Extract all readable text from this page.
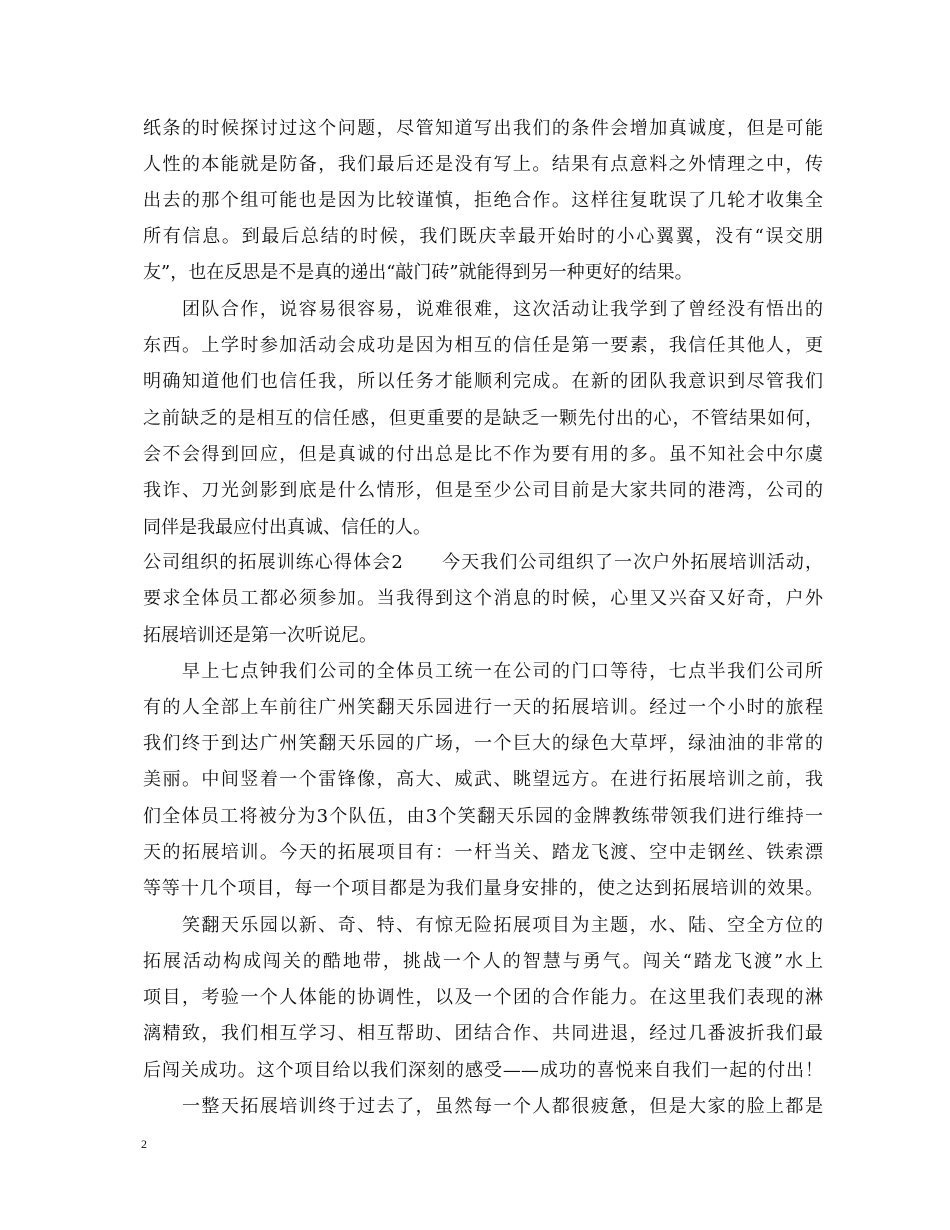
纸条的时候探讨过这个问题，尽管知道写出我们的条件会增加真诚度，但是可能
人性的本能就是防备，我们最后还是没有写上。结果有点意料之外情理之中，传
出去的那个组可能也是因为比较谨慎，拒绝合作。这样往复耽误了几轮才收集全
所有信息。到最后总结的时候，我们既庆幸最开始时的小心翼翼，没有“误交朋
友”，也在反思是不是真的递出“敲门砖”就能得到另一种更好的结果。
　　团队合作，说容易很容易，说难很难，这次活动让我学到了曾经没有悟出的
东西。上学时参加活动会成功是因为相互的信任是第一要素，我信任其他人，更
明确知道他们也信任我，所以任务才能顺利完成。在新的团队我意识到尽管我们
之前缺乏的是相互的信任感，但更重要的是缺乏一颗先付出的心，不管结果如何，
会不会得到回应，但是真诚的付出总是比不作为要有用的多。虽不知社会中尔虞
我诈、刀光剑影到底是什么情形，但是至少公司目前是大家共同的港湾，公司的
同伴是我最应付出真诚、信任的人。
公司组织的拓展训练心得体会2　　今天我们公司组织了一次户外拓展培训活动，
要求全体员工都必须参加。当我得到这个消息的时候，心里又兴奋又好奇，户外
拓展培训还是第一次听说尼。
　　早上七点钟我们公司的全体员工统一在公司的门口等待，七点半我们公司所
有的人全部上车前往广州笑翻天乐园进行一天的拓展培训。经过一个小时的旅程
我们终于到达广州笑翻天乐园的广场，一个巨大的绿色大草坪，绿油油的非常的
美丽。中间竖着一个雷锋像，高大、威武、眺望远方。在进行拓展培训之前，我
们全体员工将被分为3个队伍，由3个笑翻天乐园的金牌教练带领我们进行维持一
天的拓展培训。今天的拓展项目有：一杆当关、踏龙飞渡、空中走钢丝、铁索漂
等等十几个项目，每一个项目都是为我们量身安排的，使之达到拓展培训的效果。
　　笑翻天乐园以新、奇、特、有惊无险拓展项目为主题，水、陆、空全方位的
拓展活动构成闯关的酷地带，挑战一个人的智慧与勇气。闯关“踏龙飞渡”水上
项目，考验一个人体能的协调性，以及一个团的合作能力。在这里我们表现的淋
漓精致，我们相互学习、相互帮助、团结合作、共同进退，经过几番波折我们最
后闯关成功。这个项目给以我们深刻的感受——成功的喜悦来自我们一起的付出！
　　一整天拓展培训终于过去了，虽然每一个人都很疲惫，但是大家的脸上都是
2
